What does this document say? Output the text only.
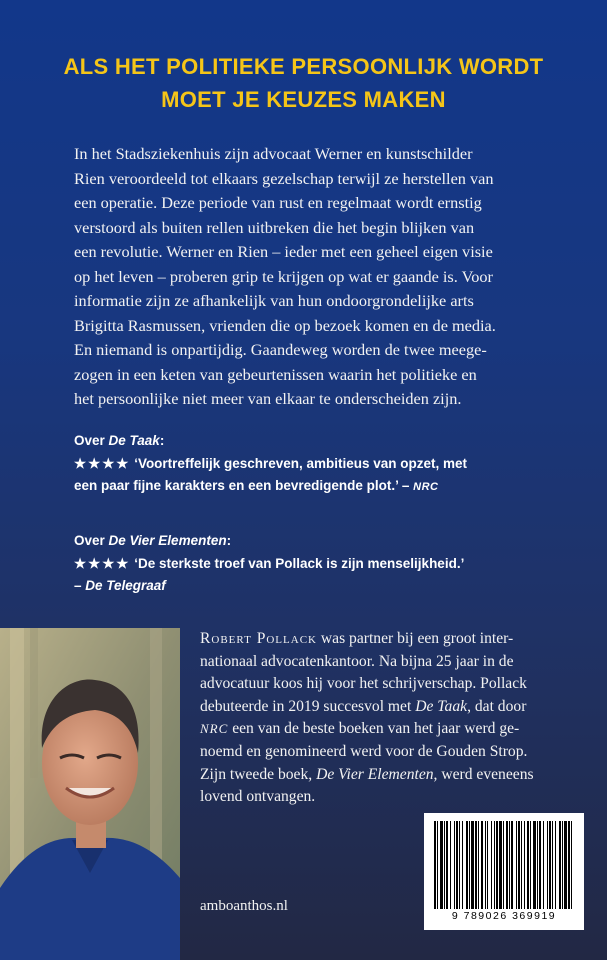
ALS HET POLITIEKE PERSOONLIJK WORDT
MOET JE KEUZES MAKEN
In het Stadsziekenhuis zijn advocaat Werner en kunstschilder
Rien veroordeeld tot elkaars gezelschap terwijl ze herstellen van
een operatie. Deze periode van rust en regelmaat wordt ernstig
verstoord als buiten rellen uitbreken die het begin blijken van
een revolutie. Werner en Rien – ieder met een geheel eigen visie
op het leven – proberen grip te krijgen op wat er gaande is. Voor
informatie zijn ze afhankelijk van hun ondoorgrondelijke arts
Brigitta Rasmussen, vrienden die op bezoek komen en de media.
En niemand is onpartijdig. Gaandeweg worden de twee meege-
zogen in een keten van gebeurtenissen waarin het politieke en
het persoonlijke niet meer van elkaar te onderscheiden zijn.
Over De Taak:
★★★★ ‘Voortreffelijk geschreven, ambitieus van opzet, met
een paar fijne karakters en een bevredigende plot.’ – NRC
Over De Vier Elementen:
★★★★ ‘De sterkste troef van Pollack is zijn menselijkheid.’
– De Telegraaf
Robert Pollack was partner bij een groot inter-
nationaal advocatenkantoor. Na bijna 25 jaar in de
advocatuur koos hij voor het schrijverschap. Pollack
debuteerde in 2019 succesvol met De Taak, dat door
NRC een van de beste boeken van het jaar werd ge-
noemd en genomineerd werd voor de Gouden Strop.
Zijn tweede boek, De Vier Elementen, werd eveneens
lovend ontvangen.
9 789026 369919
amboanthos.nl
